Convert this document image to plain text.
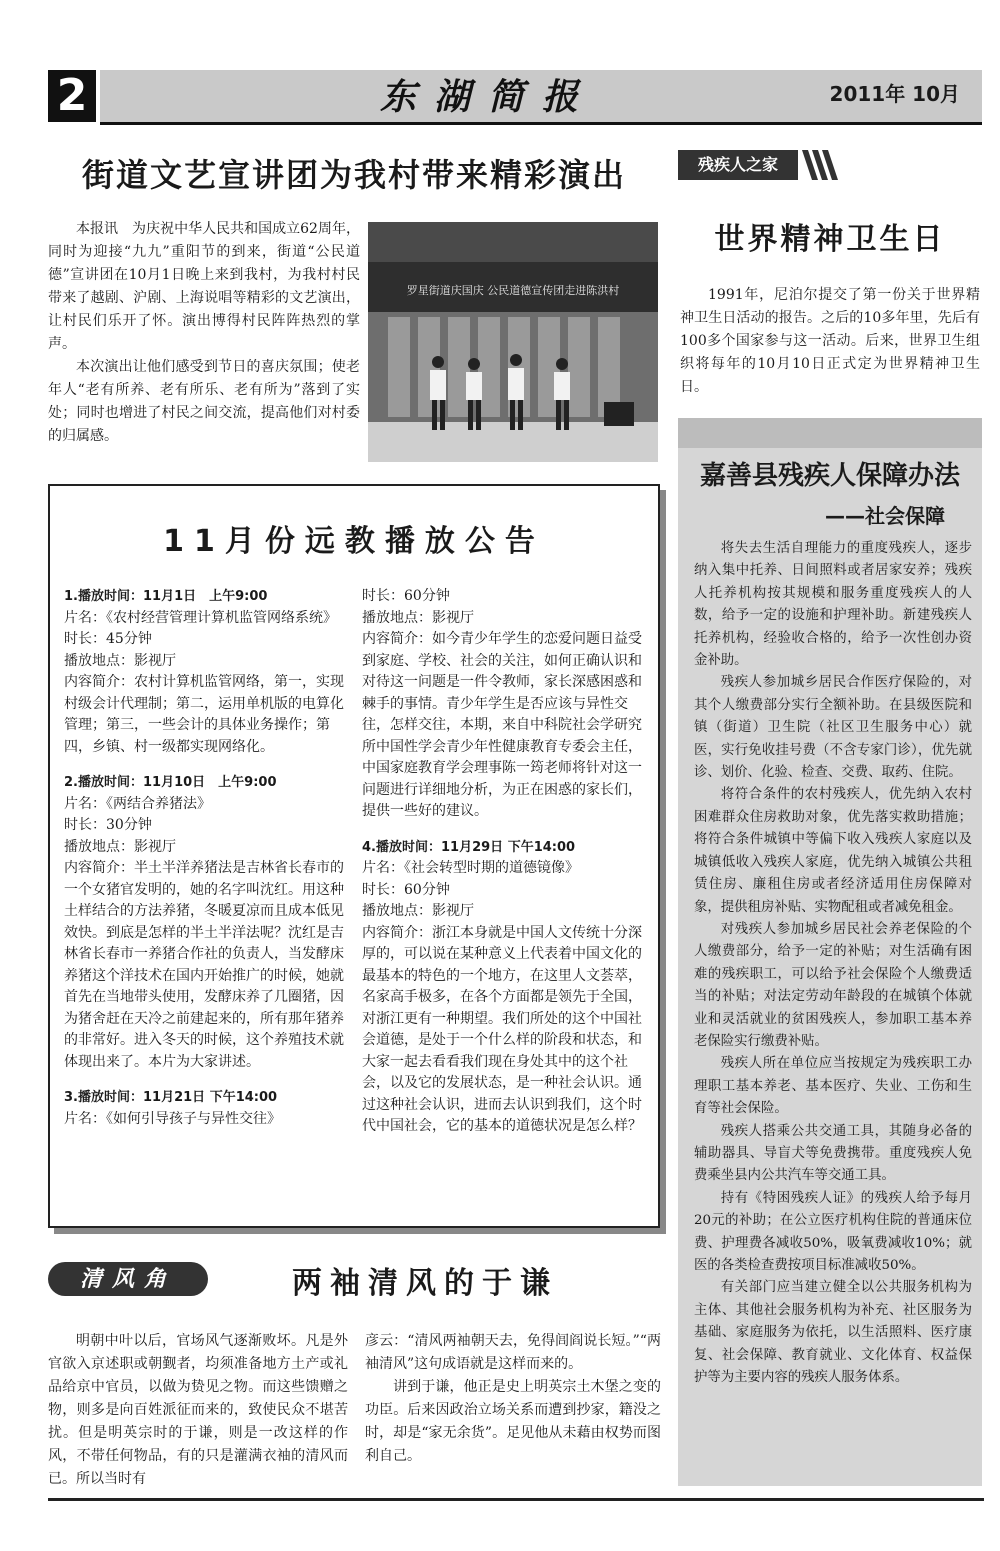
2	东湖简报	2011年 10月
街道文艺宣讲团为我村带来精彩演出

本报讯　为庆祝中华人民共和国成立62周年，同时为迎接“九九”重阳节的到来，街道“公民道德”宣讲团在10月1日晚上来到我村，为我村村民带来了越剧、沪剧、上海说唱等精彩的文艺演出，让村民们乐开了怀。演出博得村民阵阵热烈的掌声。

本次演出让他们感受到节日的喜庆氛围；使老年人“老有所养、老有所乐、老有所为”落到了实处；同时也增进了村民之间交流，提高他们对村委的归属感。

罗星街道庆国庆 公民道德宣传团走进陈洪村
11月份远教播放公告

1.播放时间：11月1日　上午9:00

片名：《农村经营管理计算机监管网络系统》

时长：45分钟

播放地点：影视厅

内容简介：农村计算机监管网络，第一，实现村级会计代理制；第二，运用单机版的电算化管理；第三，一些会计的具体业务操作；第四，乡镇、村一级都实现网络化。

2.播放时间：11月10日　上午9:00

片名：《两结合养猪法》

时长：30分钟

播放地点：影视厅

内容简介：半土半洋养猪法是吉林省长春市的一个女猪官发明的，她的名字叫沈红。用这种土样结合的方法养猪，冬暖夏凉而且成本低见效快。到底是怎样的半土半洋法呢？沈红是吉林省长春市一养猪合作社的负责人，当发酵床养猪这个洋技术在国内开始推广的时候，她就首先在当地带头使用，发酵床养了几圈猪，因为猪舍赶在天冷之前建起来的，所有那年猪养的非常好。进入冬天的时候，这个养殖技术就体现出来了。本片为大家讲述。

3.播放时间：11月21日 下午14:00

片名：《如何引导孩子与异性交往》

时长：60分钟

播放地点：影视厅

内容简介：如今青少年学生的恋爱问题日益受到家庭、学校、社会的关注，如何正确认识和对待这一问题是一件令教师，家长深感困惑和棘手的事情。青少年学生是否应该与异性交往，怎样交往，本期，来自中科院社会学研究所中国性学会青少年性健康教育专委会主任，中国家庭教育学会理事陈一筠老师将针对这一问题进行详细地分析，为正在困惑的家长们，提供一些好的建议。

4.播放时间：11月29日 下午14:00

片名：《社会转型时期的道德镜像》

时长：60分钟

播放地点：影视厅

内容简介：浙江本身就是中国人文传统十分深厚的，可以说在某种意义上代表着中国文化的最基本的特色的一个地方，在这里人文荟萃，名家高手极多，在各个方面都是领先于全国，对浙江更有一种期望。我们所处的这个中国社会道德，是处于一个什么样的阶段和状态，和大家一起去看看我们现在身处其中的这个社会，以及它的发展状态，是一种社会认识。通过这种社会认识，进而去认识到我们，这个时代中国社会，它的基本的道德状况是怎么样？

清风角	两袖清风的于谦

明朝中叶以后，官场风气逐渐败坏。凡是外官欲入京述职或朝觐者，均须准备地方土产或礼品给京中官员，以做为贽见之物。而这些馈赠之物，则多是向百姓派征而来的，致使民众不堪苦扰。但是明英宗时的于谦，则是一改这样的作风，不带任何物品，有的只是灌满衣袖的清风而已。所以当时有

彦云：“清风两袖朝天去，免得闾阎说长短。”“两袖清风”这句成语就是这样而来的。

讲到于谦，他正是史上明英宗土木堡之变的功臣。后来因政治立场关系而遭到抄家，籍没之时，却是“家无余货”。足见他从未藉由权势而图利自己。

残疾人之家
世界精神卫生日

1991年，尼泊尔提交了第一份关于世界精神卫生日活动的报告。之后的10多年里，先后有100多个国家参与这一活动。后来，世界卫生组织将每年的10月10日正式定为世界精神卫生日。

嘉善县残疾人保障办法
——社会保障

将失去生活自理能力的重度残疾人，逐步纳入集中托养、日间照料或者居家安养；残疾人托养机构按其规模和服务重度残疾人的人数，给予一定的设施和护理补助。新建残疾人托养机构，经验收合格的，给予一次性创办资金补助。

残疾人参加城乡居民合作医疗保险的，对其个人缴费部分实行全额补助。在县级医院和镇（街道）卫生院（社区卫生服务中心）就医，实行免收挂号费（不含专家门诊），优先就诊、划价、化验、检查、交费、取药、住院。

将符合条件的农村残疾人，优先纳入农村困难群众住房救助对象，优先落实救助措施；将符合条件城镇中等偏下收入残疾人家庭以及城镇低收入残疾人家庭，优先纳入城镇公共租赁住房、廉租住房或者经济适用住房保障对象，提供租房补贴、实物配租或者减免租金。

对残疾人参加城乡居民社会养老保险的个人缴费部分，给予一定的补贴；对生活确有困难的残疾职工，可以给予社会保险个人缴费适当的补贴；对法定劳动年龄段的在城镇个体就业和灵活就业的贫困残疾人，参加职工基本养老保险实行缴费补贴。

残疾人所在单位应当按规定为残疾职工办理职工基本养老、基本医疗、失业、工伤和生育等社会保险。

残疾人搭乘公共交通工具，其随身必备的辅助器具、导盲犬等免费携带。重度残疾人免费乘坐县内公共汽车等交通工具。

持有《特困残疾人证》的残疾人给予每月20元的补助；在公立医疗机构住院的普通床位费、护理费各减收50%，吸氧费减收10%；就医的各类检查费按项目标准减收50%。

有关部门应当建立健全以公共服务机构为主体、其他社会服务机构为补充、社区服务为基础、家庭服务为依托，以生活照料、医疗康复、社会保障、教育就业、文化体育、权益保护等为主要内容的残疾人服务体系。
